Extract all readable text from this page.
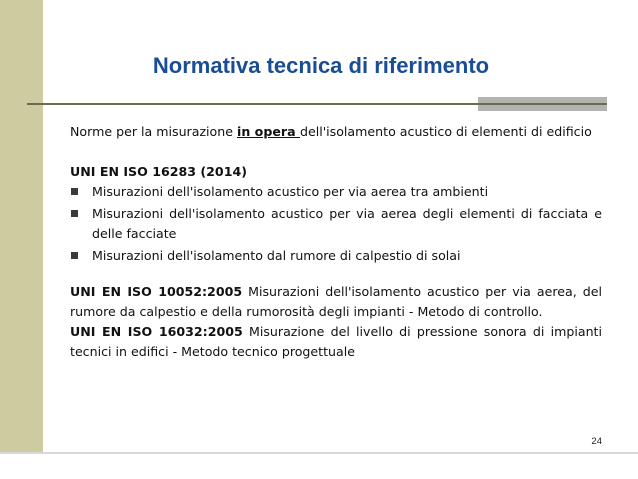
Normativa tecnica di riferimento

Norme per la misurazione in opera dell'isolamento acustico di elementi di edificio

UNI EN ISO 16283 (2014)

Misurazioni dell'isolamento acustico per via aerea tra ambienti
Misurazioni dell'isolamento acustico per via aerea degli elementi di facciata e delle facciate
Misurazioni dell'isolamento dal rumore di calpestio di solai

UNI EN ISO 10052:2005 Misurazioni dell'isolamento acustico per via aerea, del rumore da calpestio e della rumorosità degli impianti - Metodo di controllo.

UNI EN ISO 16032:2005 Misurazione del livello di pressione sonora di impianti tecnici in edifici - Metodo tecnico progettuale

24
